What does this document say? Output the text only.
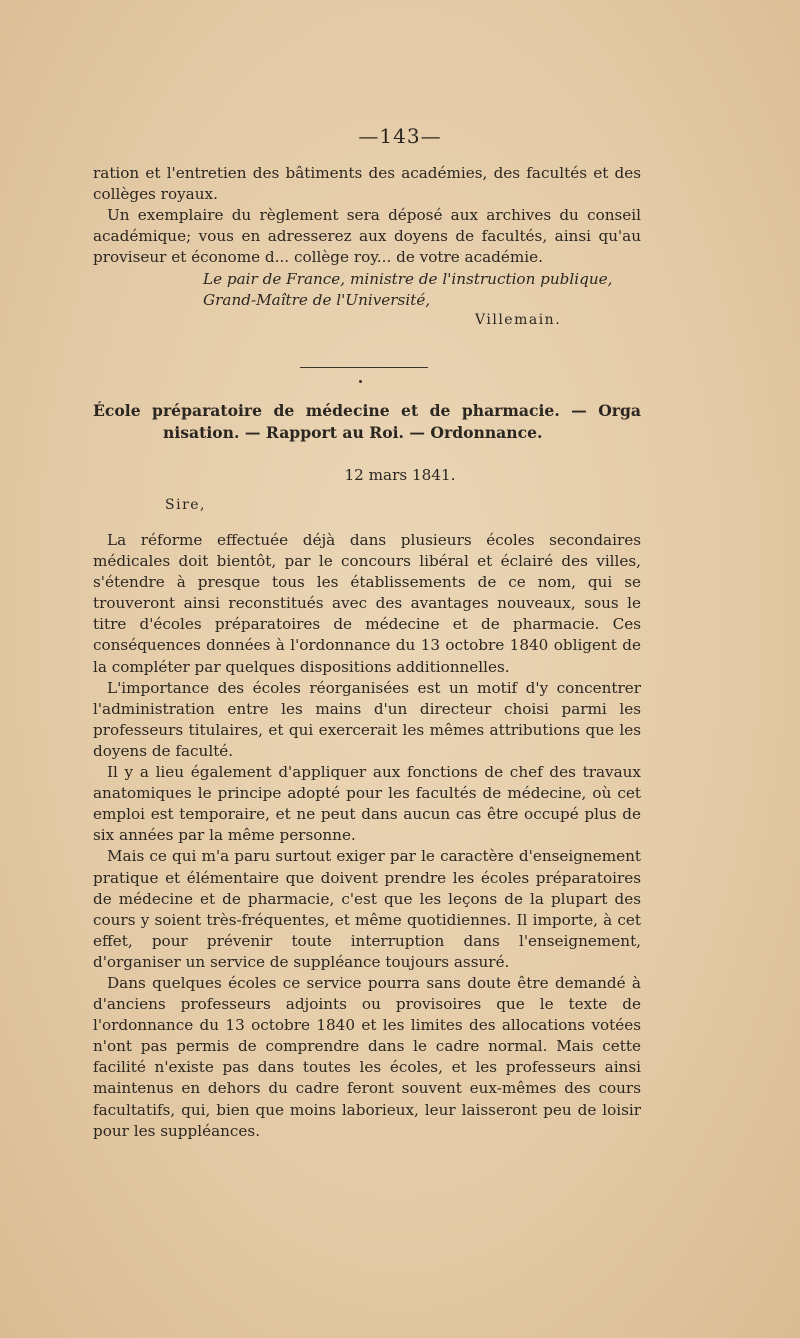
—143—

ration et l'entretien des bâtiments des académies, des facultés et des collèges royaux.

Un exemplaire du règlement sera déposé aux archives du conseil académique; vous en adresserez aux doyens de facultés, ainsi qu'au proviseur et économe d... collège roy... de votre académie.

Le pair de France, ministre de l'instruction publique,
Grand-Maître de l'Université,
Villemain.
École préparatoire de médecine et de pharmacie. — Orga
nisation. — Rapport au Roi. — Ordonnance.
12 mars 1841.
Sire,

La réforme effectuée déjà dans plusieurs écoles secondaires médicales doit bientôt, par le concours libéral et éclairé des villes, s'étendre à presque tous les établissements de ce nom, qui se trouveront ainsi reconstitués avec des avantages nouveaux, sous le titre d'écoles préparatoires de médecine et de pharmacie. Ces conséquences données à l'ordonnance du 13 octobre 1840 obligent de la compléter par quelques dispositions additionnelles.

L'importance des écoles réorganisées est un motif d'y concentrer l'administration entre les mains d'un directeur choisi parmi les professeurs titulaires, et qui exercerait les mêmes attributions que les doyens de faculté.

Il y a lieu également d'appliquer aux fonctions de chef des travaux anatomiques le principe adopté pour les facultés de médecine, où cet emploi est temporaire, et ne peut dans aucun cas être occupé plus de six années par la même personne.

Mais ce qui m'a paru surtout exiger par le caractère d'enseignement pratique et élémentaire que doivent prendre les écoles préparatoires de médecine et de pharmacie, c'est que les leçons de la plupart des cours y soient très-fréquentes, et même quotidiennes. Il importe, à cet effet, pour prévenir toute interruption dans l'enseignement, d'organiser un service de suppléance toujours assuré.

Dans quelques écoles ce service pourra sans doute être demandé à d'anciens professeurs adjoints ou provisoires que le texte de l'ordonnance du 13 octobre 1840 et les limites des allocations votées n'ont pas permis de comprendre dans le cadre normal. Mais cette facilité n'existe pas dans toutes les écoles, et les professeurs ainsi maintenus en dehors du cadre feront souvent eux-mêmes des cours facultatifs, qui, bien que moins laborieux, leur laisseront peu de loisir pour les suppléances.
